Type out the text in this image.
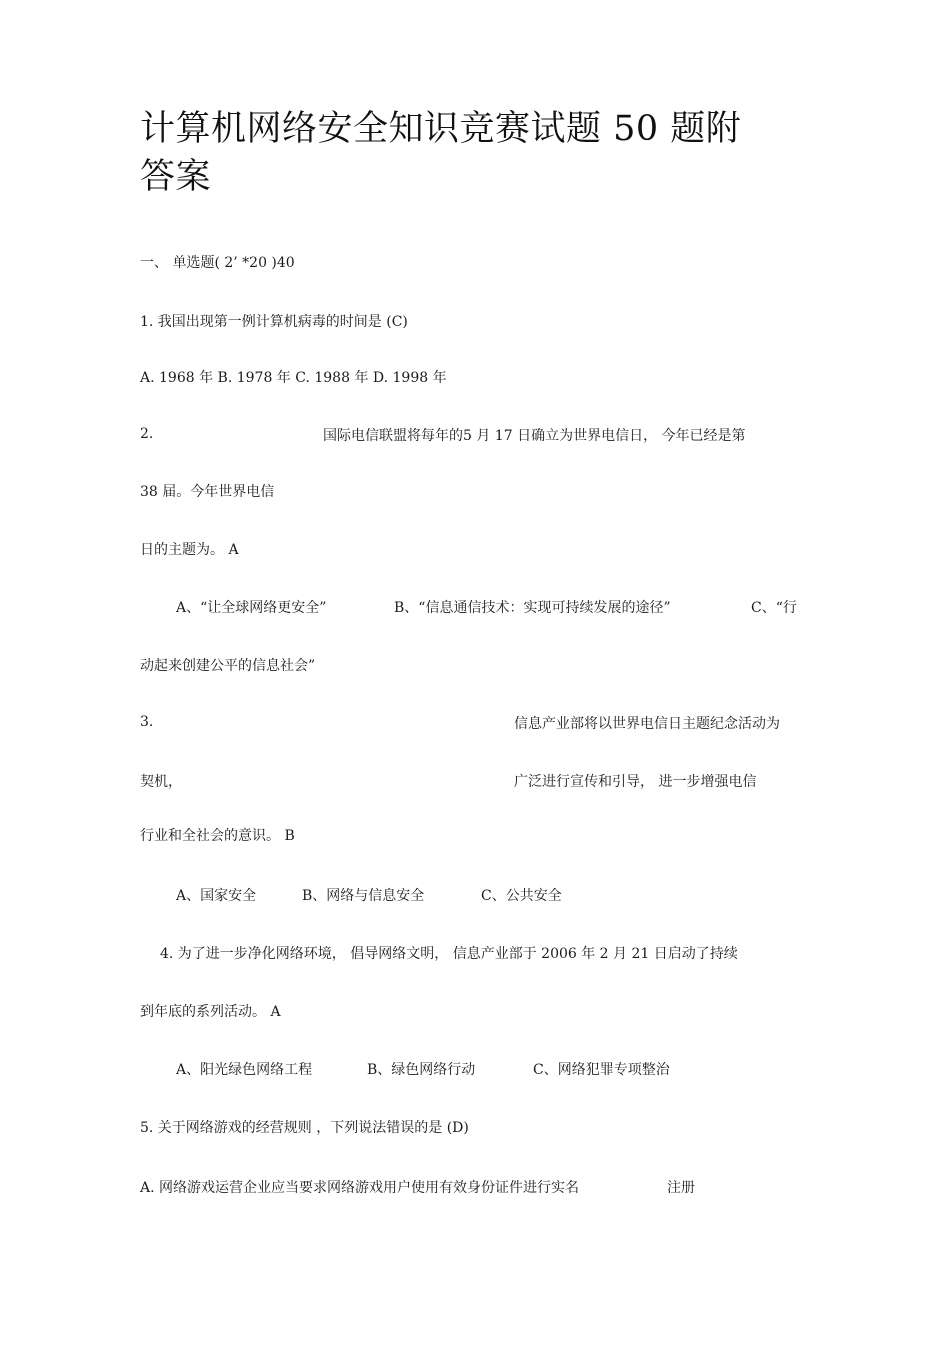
计算机网络安全知识竞赛试题 50 题附
答案
一、 单选题( 2’ *20 )40
1. 我国出现第一例计算机病毒的时间是 (C)
A. 1968 年 B. 1978 年 C. 1988 年 D. 1998 年
2.	国际电信联盟将每年的5 月 17 日确立为世界电信日， 今年已经是第
38 届。今年世界电信
日的主题为。 A
A、“让全球网络更安全”	B、“信息通信技术：实现可持续发展的途径”	C、“行
动起来创建公平的信息社会”
3.	信息产业部将以世界电信日主题纪念活动为
契机，	广泛进行宣传和引导， 进一步增强电信
行业和全社会的意识。 B
A、国家安全	B、网络与信息安全	C、公共安全
4. 为了进一步净化网络环境， 倡导网络文明， 信息产业部于 2006 年 2 月 21 日启动了持续
到年底的系列活动。 A
A、阳光绿色网络工程	B、绿色网络行动	C、网络犯罪专项整治
5. 关于网络游戏的经营规则 ，下列说法错误的是 (D)
A. 网络游戏运营企业应当要求网络游戏用户使用有效身份证件进行实名	注册
